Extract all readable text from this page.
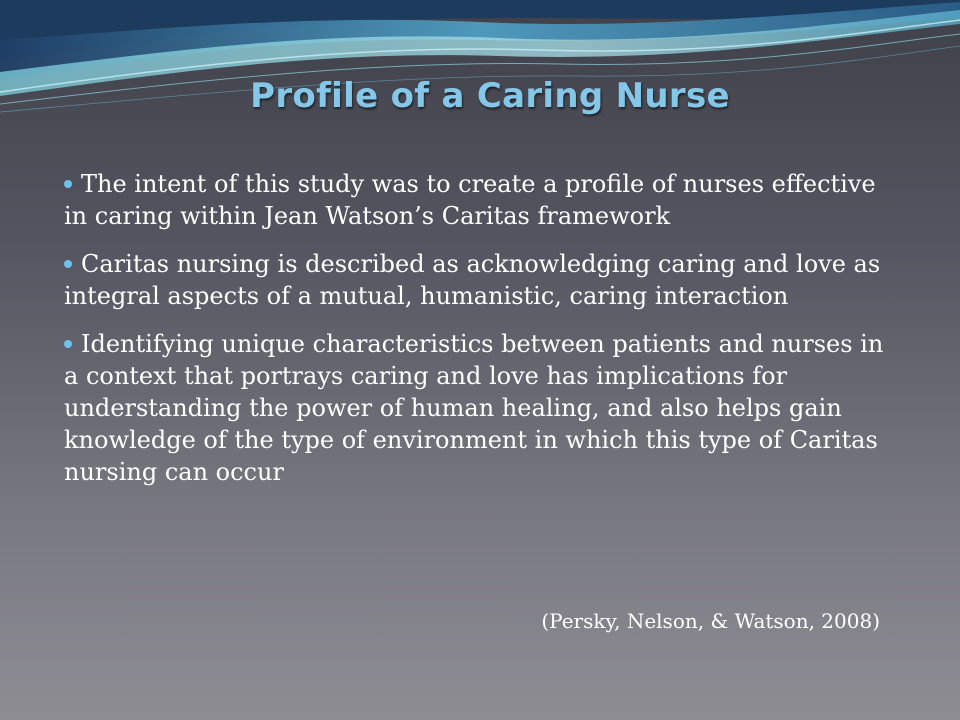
Profile of a Caring Nurse
The intent of this study was to create a profile of nurses effective in caring within Jean Watson’s Caritas framework
Caritas nursing is described as acknowledging caring and love as integral aspects of a mutual, humanistic, caring interaction
Identifying unique characteristics between patients and nurses in a context that portrays caring and love has implications for understanding the power of human healing, and also helps gain knowledge of the type of environment in which this type of Caritas nursing can occur

(Persky, Nelson, & Watson, 2008)
